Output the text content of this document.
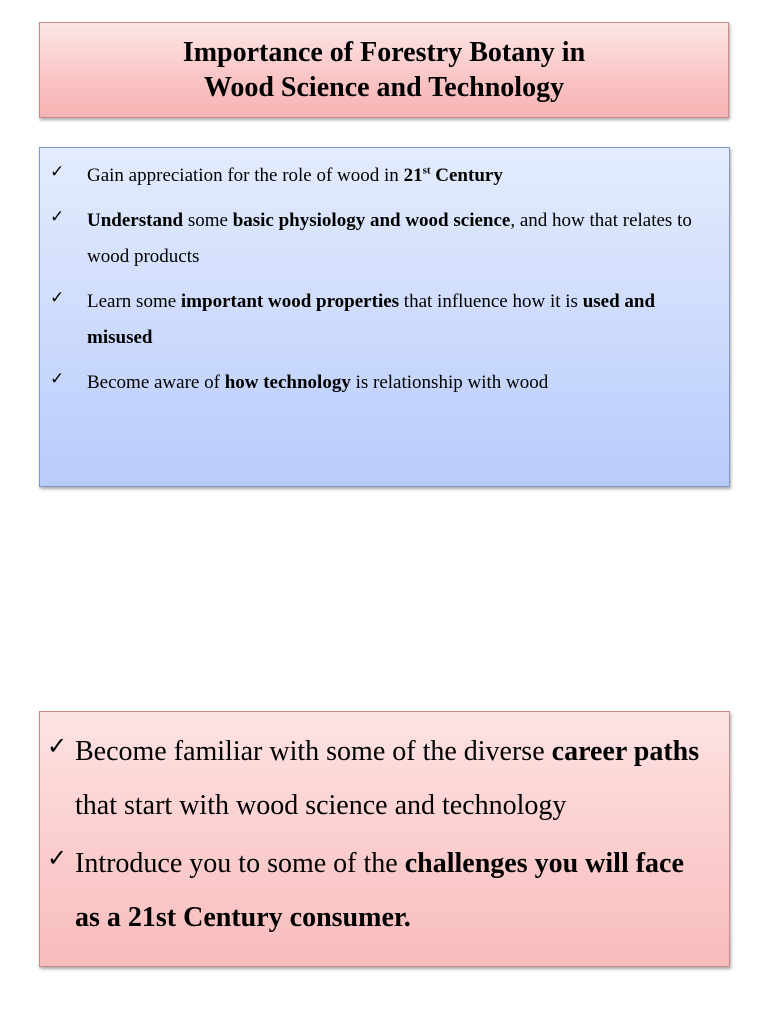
Importance of Forestry Botany in
Wood Science and Technology
✓ Gain appreciation for the role of wood in 21st Century
✓ Understand some basic physiology and wood science, and how that relates to wood products
✓ Learn some important wood properties that influence how it is used and misused
✓ Become aware of how technology is relationship with wood
✓ Become familiar with some of the diverse career paths that start with wood science and technology
✓ Introduce you to some of the challenges you will face as a 21st Century consumer.
